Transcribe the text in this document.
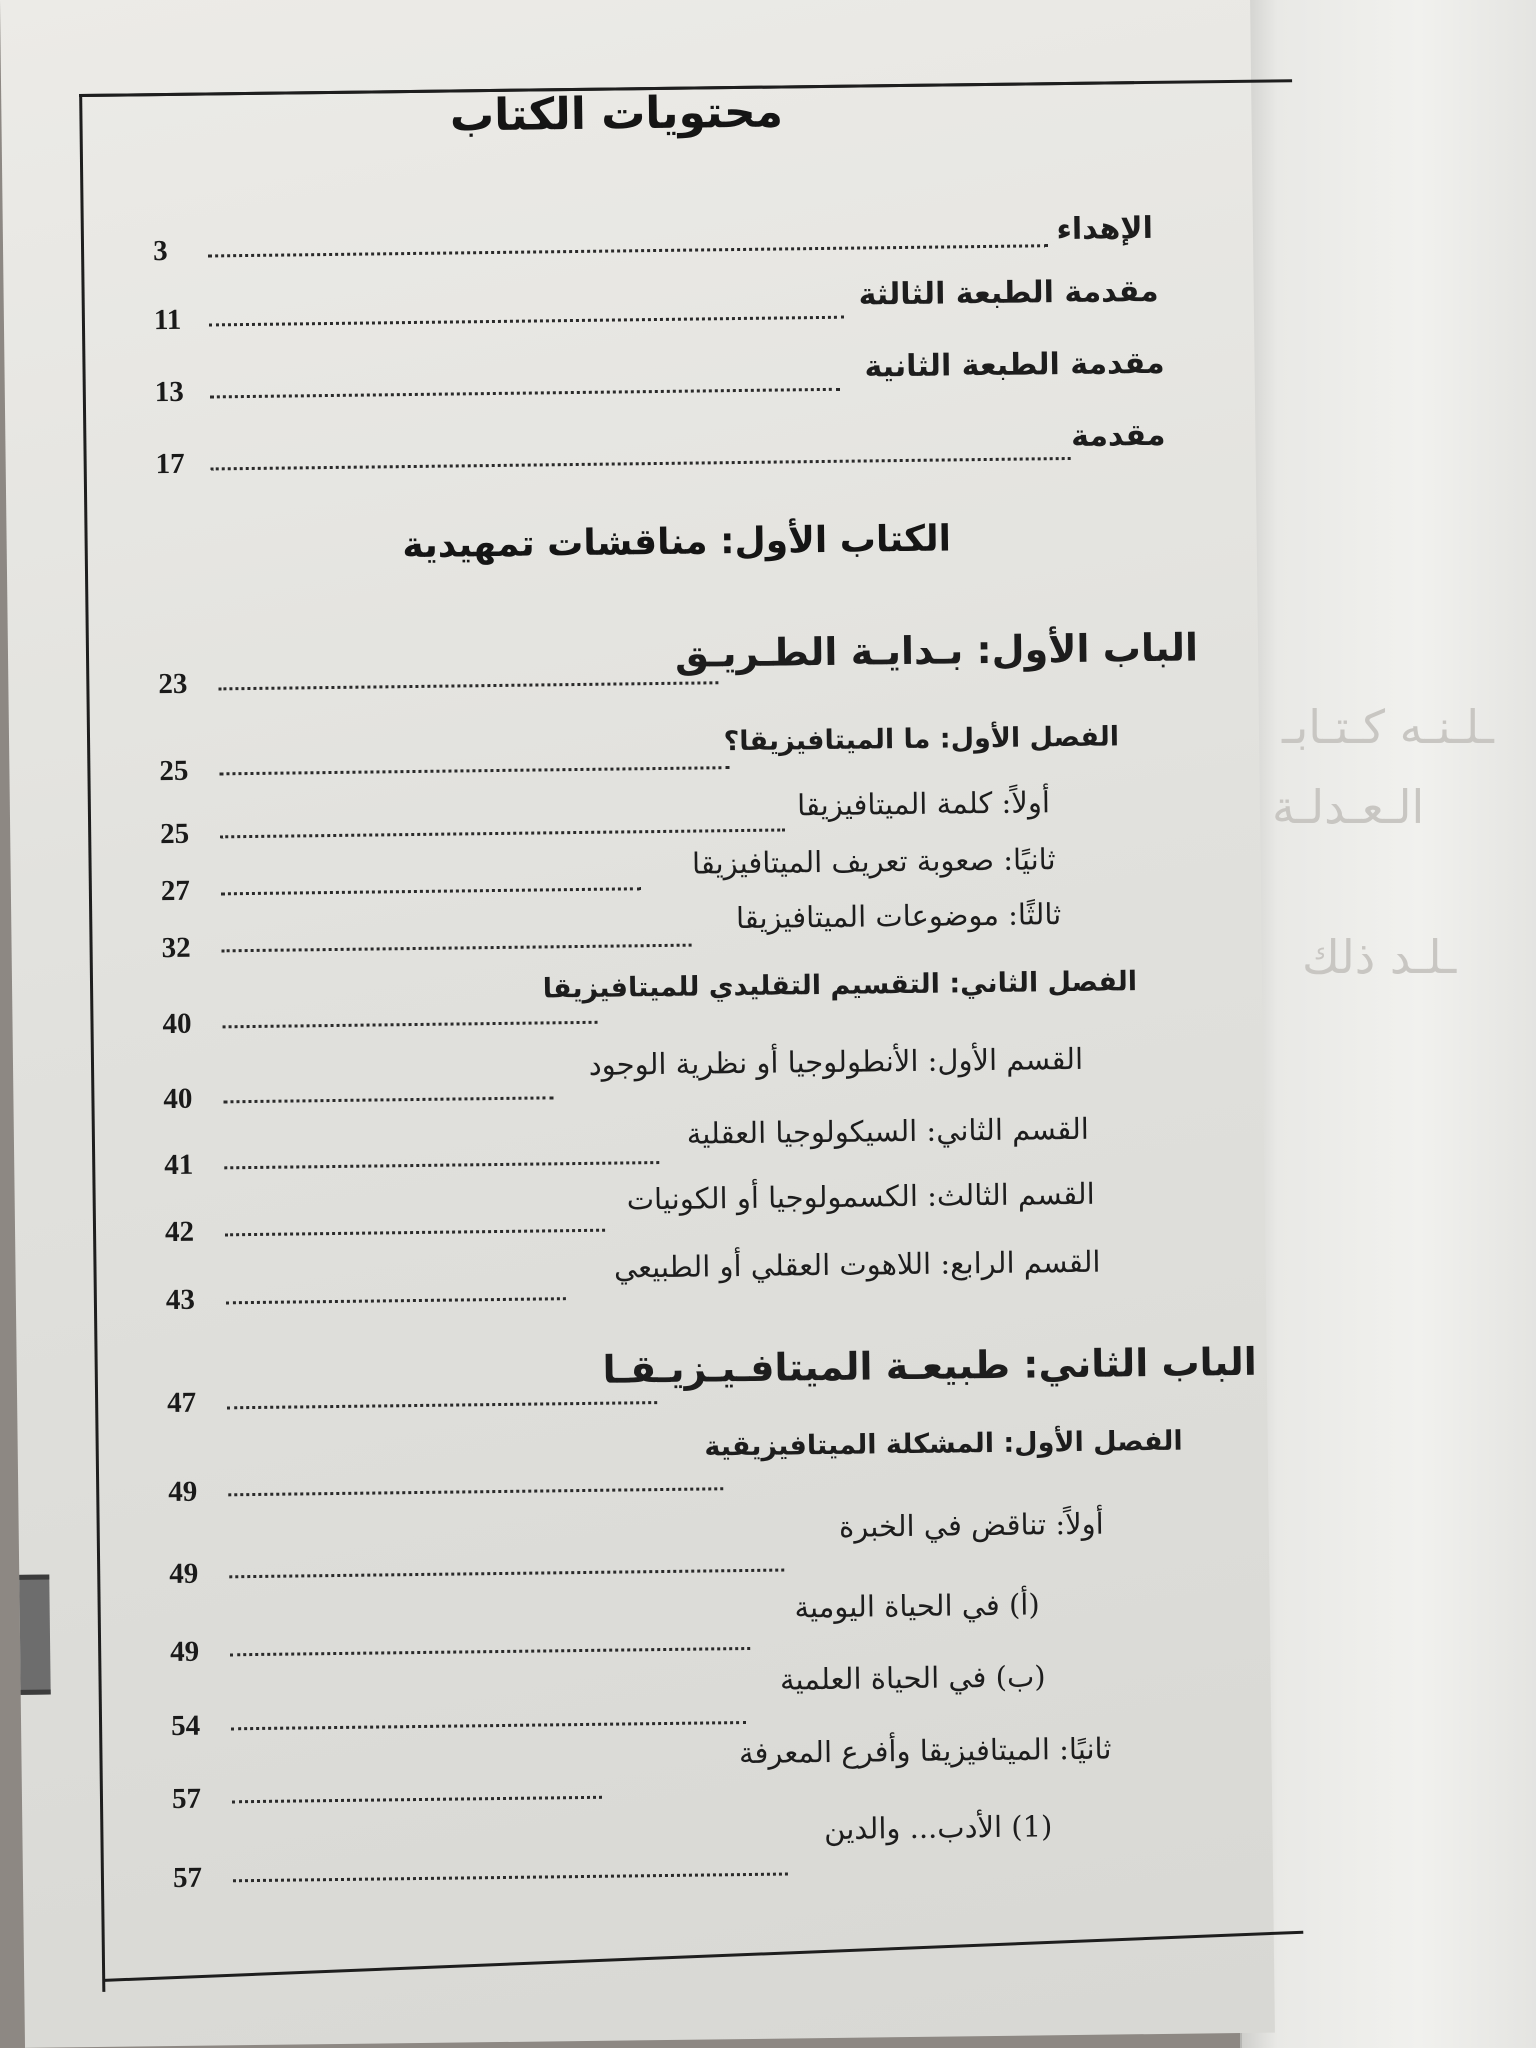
ـلـنـه كـتـابـ
الـعـدلـة
ـلـد ذلك
محتويات الكتاب
الإهداء
3
مقدمة الطبعة الثالثة
11
مقدمة الطبعة الثانية
13
مقدمة
17
الكتاب الأول: مناقشات تمهيدية
الباب الأول: بـدايـة الطـريـق
23
الفصل الأول: ما الميتافيزيقا؟
25
أولاً: كلمة الميتافيزيقا
25
ثانيًا: صعوبة تعريف الميتافيزيقا
27
ثالثًا: موضوعات الميتافيزيقا
32
الفصل الثاني: التقسيم التقليدي للميتافيزيقا
40
القسم الأول: الأنطولوجيا أو نظرية الوجود
40
القسم الثاني: السيكولوجيا العقلية
41
القسم الثالث: الكسمولوجيا أو الكونيات
42
القسم الرابع: اللاهوت العقلي أو الطبيعي
43
الباب الثاني: طبيعـة الميتافـيـزيـقـا
47
الفصل الأول: المشكلة الميتافيزيقية
49
أولاً: تناقض في الخبرة
49
(أ) في الحياة اليومية
49
(ب) في الحياة العلمية
54
ثانيًا: الميتافيزيقا وأفرع المعرفة
57
(1) الأدب... والدين
57
